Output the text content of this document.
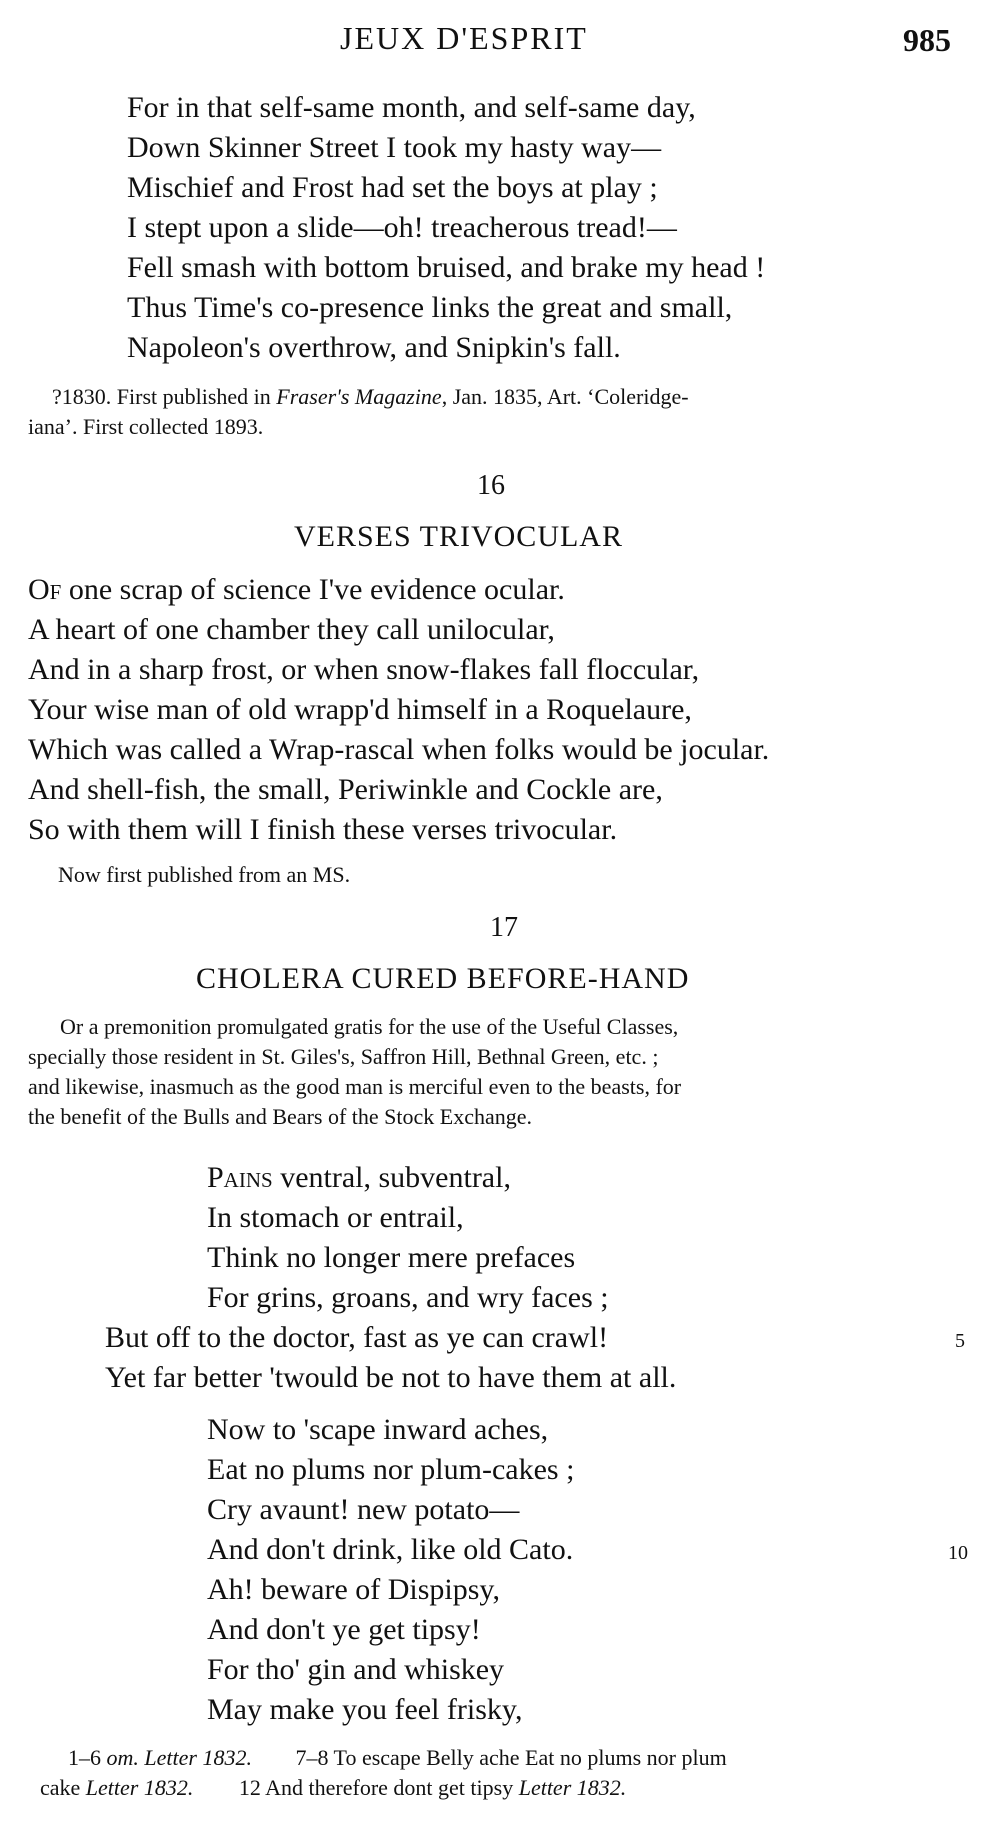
JEUX D'ESPRIT	985
For in that self-same month, and self-same day,
Down Skinner Street I took my hasty way—
Mischief and Frost had set the boys at play ;
I stept upon a slide—oh! treacherous tread!—
Fell smash with bottom bruised, and brake my head !
Thus Time's co-presence links the great and small,
Napoleon's overthrow, and Snipkin's fall.
?1830. First published in Fraser's Magazine, Jan. 1835, Art. ‘Coleridge-
iana’. First collected 1893.
16
VERSES TRIVOCULAR
Of one scrap of science I've evidence ocular.
A heart of one chamber they call unilocular,
And in a sharp frost, or when snow-flakes fall floccular,
Your wise man of old wrapp'd himself in a Roquelaure,
Which was called a Wrap-rascal when folks would be jocular.
And shell-fish, the small, Periwinkle and Cockle are,
So with them will I finish these verses trivocular.
Now first published from an MS.
17
CHOLERA CURED BEFORE-HAND
Or a premonition promulgated gratis for the use of the Useful Classes,
specially those resident in St. Giles's, Saffron Hill, Bethnal Green, etc. ;
and likewise, inasmuch as the good man is merciful even to the beasts, for
the benefit of the Bulls and Bears of the Stock Exchange.
Pains ventral, subventral,
In stomach or entrail,
Think no longer mere prefaces
For grins, groans, and wry faces ;
But off to the doctor, fast as ye can crawl!
Yet far better 'twould be not to have them at all.
5
Now to 'scape inward aches,
Eat no plums nor plum-cakes ;
Cry avaunt! new potato—
And don't drink, like old Cato.
Ah! beware of Dispipsy,
And don't ye get tipsy!
For tho' gin and whiskey
May make you feel frisky,
10
1–6 om. Letter 1832. 7–8 To escape Belly ache Eat no plums nor plum
cake Letter 1832. 12 And therefore dont get tipsy Letter 1832.
